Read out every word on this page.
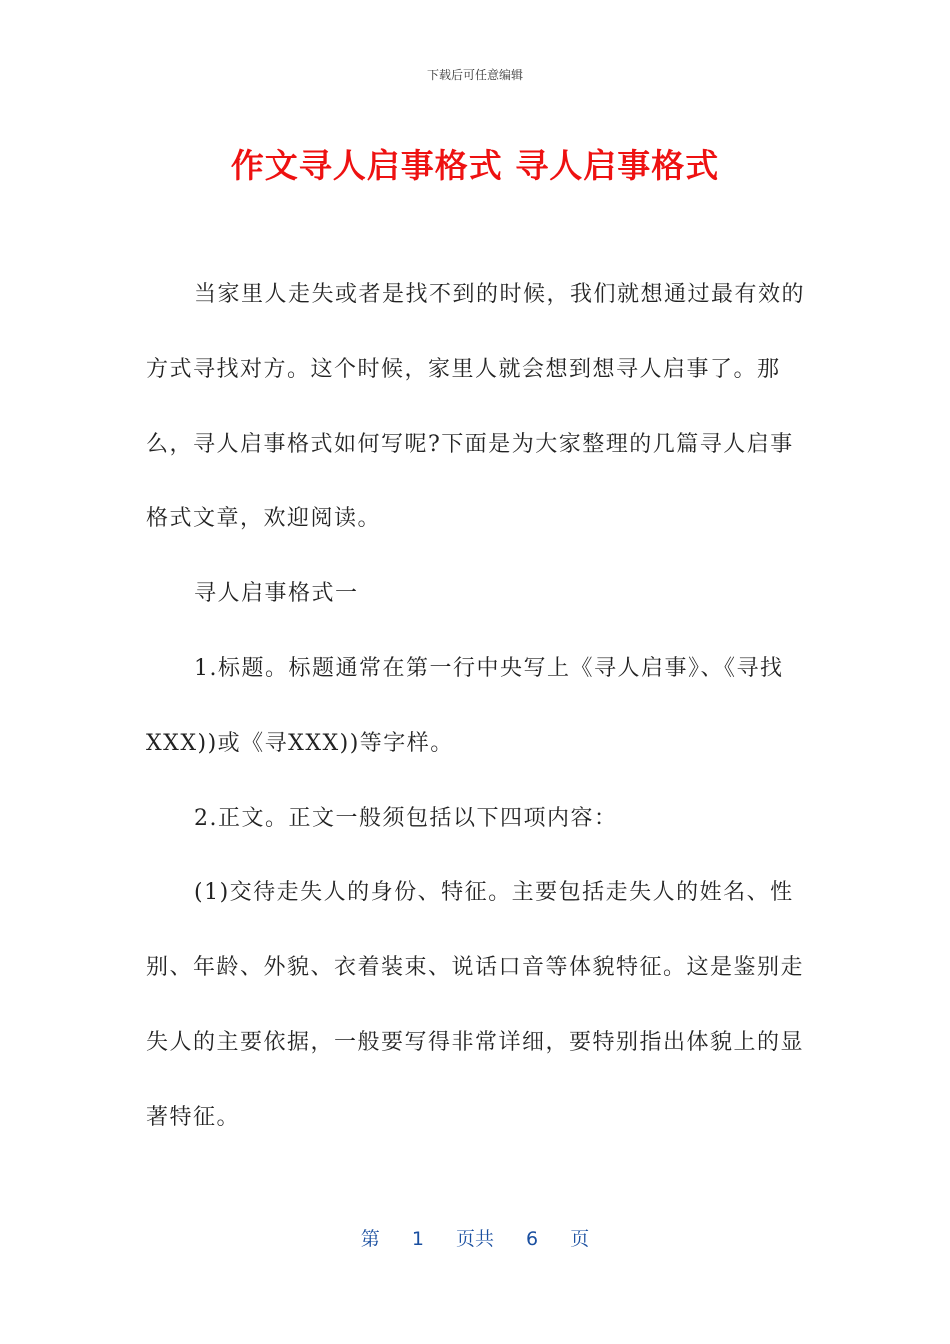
下载后可任意编辑
作文寻人启事格式 寻人启事格式

当家里人走失或者是找不到的时候，我们就想通过最有效的方式寻找对方。这个时候，家里人就会想到想寻人启事了。那么，寻人启事格式如何写呢?下面是为大家整理的几篇寻人启事格式文章，欢迎阅读。

寻人启事格式一

1.标题。标题通常在第一行中央写上《寻人启事》、《寻找XXX))或《寻XXX))等字样。

2.正文。正文一般须包括以下四项内容：

(1)交待走失人的身份、特征。主要包括走失人的姓名、性别、年龄、外貌、衣着装束、说话口音等体貌特征。这是鉴别走失人的主要依据，一般要写得非常详细，要特别指出体貌上的显著特征。

第 1 页共 6 页
